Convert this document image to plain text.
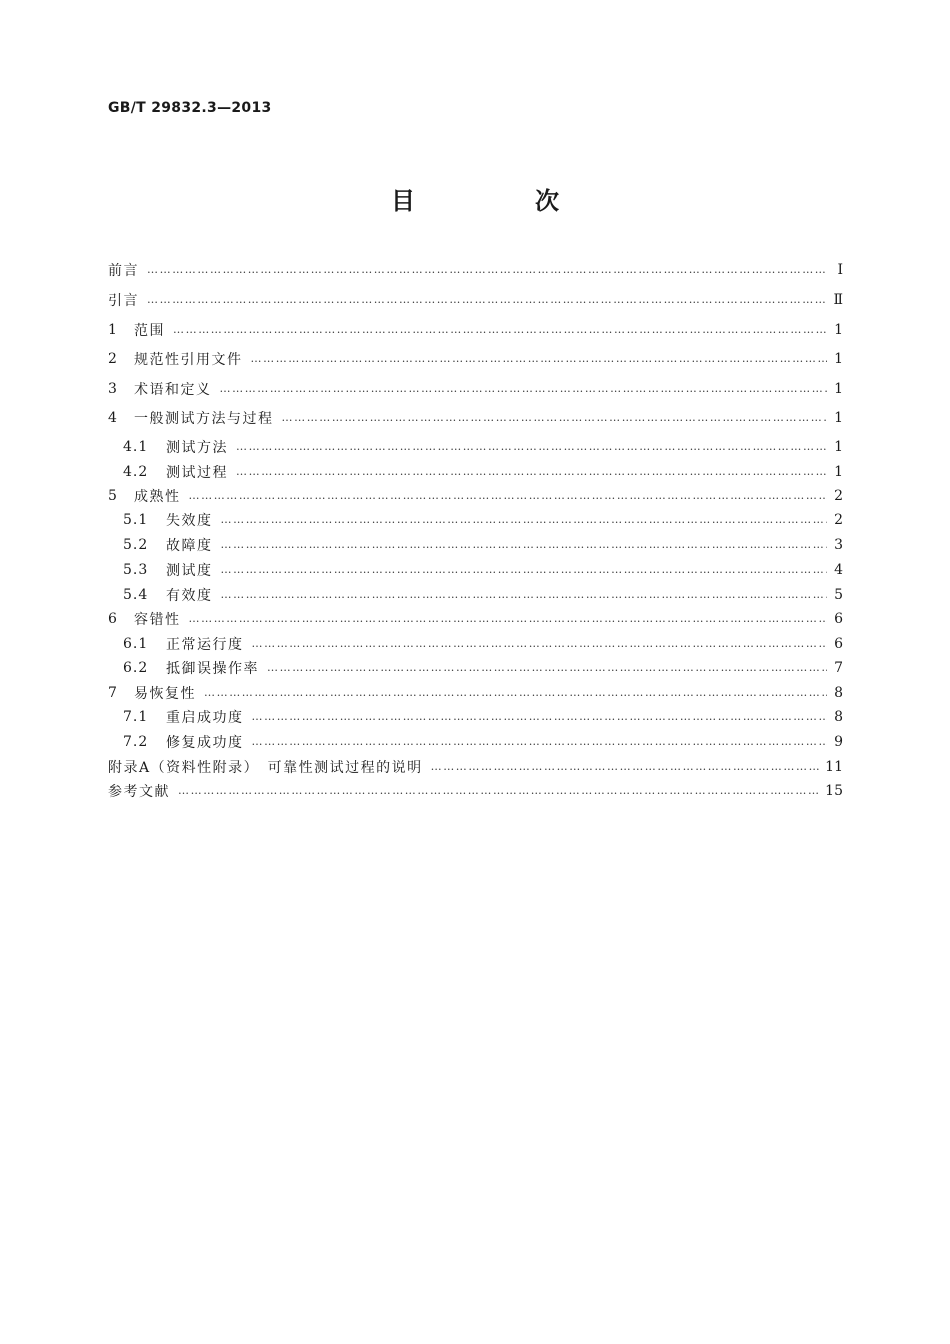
GB/T 29832.3—2013
目　次
前言 ……………………………………………………………………………………………………………………………………………………………………………………………………………………………………………………………………………………	Ⅰ
引言 ……………………………………………………………………………………………………………………………………………………………………………………………………………………………………………………………………………………	Ⅱ
1	范围 ……………………………………………………………………………………………………………………………………………………………………………………………………………………………………………………………………………………	1
2	规范性引用文件 ……………………………………………………………………………………………………………………………………………………………………………………………………………………………………………………………………………………	1
3	术语和定义 ……………………………………………………………………………………………………………………………………………………………………………………………………………………………………………………………………………………	1
4	一般测试方法与过程 ……………………………………………………………………………………………………………………………………………………………………………………………………………………………………………………………………………………	1
4.1	测试方法 ……………………………………………………………………………………………………………………………………………………………………………………………………………………………………………………………………………………	1
4.2	测试过程 ……………………………………………………………………………………………………………………………………………………………………………………………………………………………………………………………………………………	1
5	成熟性 ……………………………………………………………………………………………………………………………………………………………………………………………………………………………………………………………………………………	2
5.1	失效度 ……………………………………………………………………………………………………………………………………………………………………………………………………………………………………………………………………………………	2
5.2	故障度 ……………………………………………………………………………………………………………………………………………………………………………………………………………………………………………………………………………………	3
5.3	测试度 ……………………………………………………………………………………………………………………………………………………………………………………………………………………………………………………………………………………	4
5.4	有效度 ……………………………………………………………………………………………………………………………………………………………………………………………………………………………………………………………………………………	5
6	容错性 ……………………………………………………………………………………………………………………………………………………………………………………………………………………………………………………………………………………	6
6.1	正常运行度 ……………………………………………………………………………………………………………………………………………………………………………………………………………………………………………………………………………………	6
6.2	抵御误操作率 ……………………………………………………………………………………………………………………………………………………………………………………………………………………………………………………………………………………	7
7	易恢复性 ……………………………………………………………………………………………………………………………………………………………………………………………………………………………………………………………………………………	8
7.1	重启成功度 ……………………………………………………………………………………………………………………………………………………………………………………………………………………………………………………………………………………	8
7.2	修复成功度 ……………………………………………………………………………………………………………………………………………………………………………………………………………………………………………………………………………………	9
附录A（资料性附录）　可靠性测试过程的说明 ……………………………………………………………………………………………………………………………………………………………………………………………………………………………………………………………………………………	11
参考文献 ……………………………………………………………………………………………………………………………………………………………………………………………………………………………………………………………………………………	15
